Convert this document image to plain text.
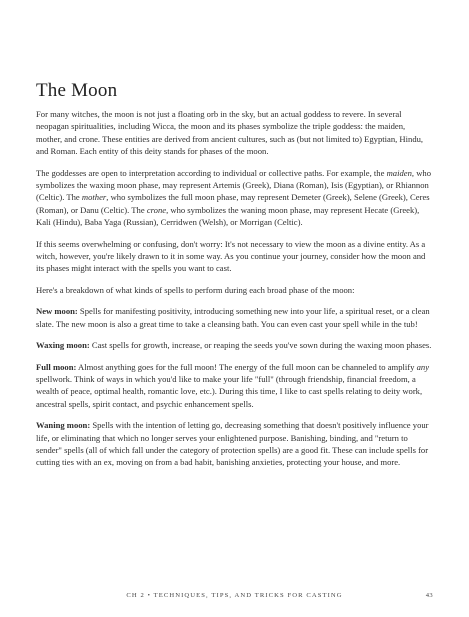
The Moon

For many witches, the moon is not just a floating orb in the sky, but an actual goddess to revere. In several neopagan spiritualities, including Wicca, the moon and its phases symbolize the triple goddess: the maiden, mother, and crone. These entities are derived from ancient cultures, such as (but not limited to) Egyptian, Hindu, and Roman. Each entity of this deity stands for phases of the moon.

The goddesses are open to interpretation according to individual or collective paths. For example, the maiden, who symbolizes the waxing moon phase, may represent Artemis (Greek), Diana (Roman), Isis (Egyptian), or Rhiannon (Celtic). The mother, who symbolizes the full moon phase, may represent Demeter (Greek), Selene (Greek), Ceres (Roman), or Danu (Celtic). The crone, who symbolizes the waning moon phase, may represent Hecate (Greek), Kali (Hindu), Baba Yaga (Russian), Cerridwen (Welsh), or Morrigan (Celtic).

If this seems overwhelming or confusing, don't worry: It's not necessary to view the moon as a divine entity. As a witch, however, you're likely drawn to it in some way. As you continue your journey, consider how the moon and its phases might interact with the spells you want to cast.

Here's a breakdown of what kinds of spells to perform during each broad phase of the moon:

New moon: Spells for manifesting positivity, introducing something new into your life, a spiritual reset, or a clean slate. The new moon is also a great time to take a cleansing bath. You can even cast your spell while in the tub!

Waxing moon: Cast spells for growth, increase, or reaping the seeds you've sown during the waxing moon phases.

Full moon: Almost anything goes for the full moon! The energy of the full moon can be channeled to amplify any spellwork. Think of ways in which you'd like to make your life "full" (through friendship, financial freedom, a wealth of peace, optimal health, romantic love, etc.). During this time, I like to cast spells relating to deity work, ancestral spells, spirit contact, and psychic enhancement spells.

Waning moon: Spells with the intention of letting go, decreasing something that doesn't positively influence your life, or eliminating that which no longer serves your enlightened purpose. Banishing, binding, and "return to sender" spells (all of which fall under the category of protection spells) are a good fit. These can include spells for cutting ties with an ex, moving on from a bad habit, banishing anxieties, protecting your house, and more.

CH 2 • TECHNIQUES, TIPS, AND TRICKS FOR CASTING	43
